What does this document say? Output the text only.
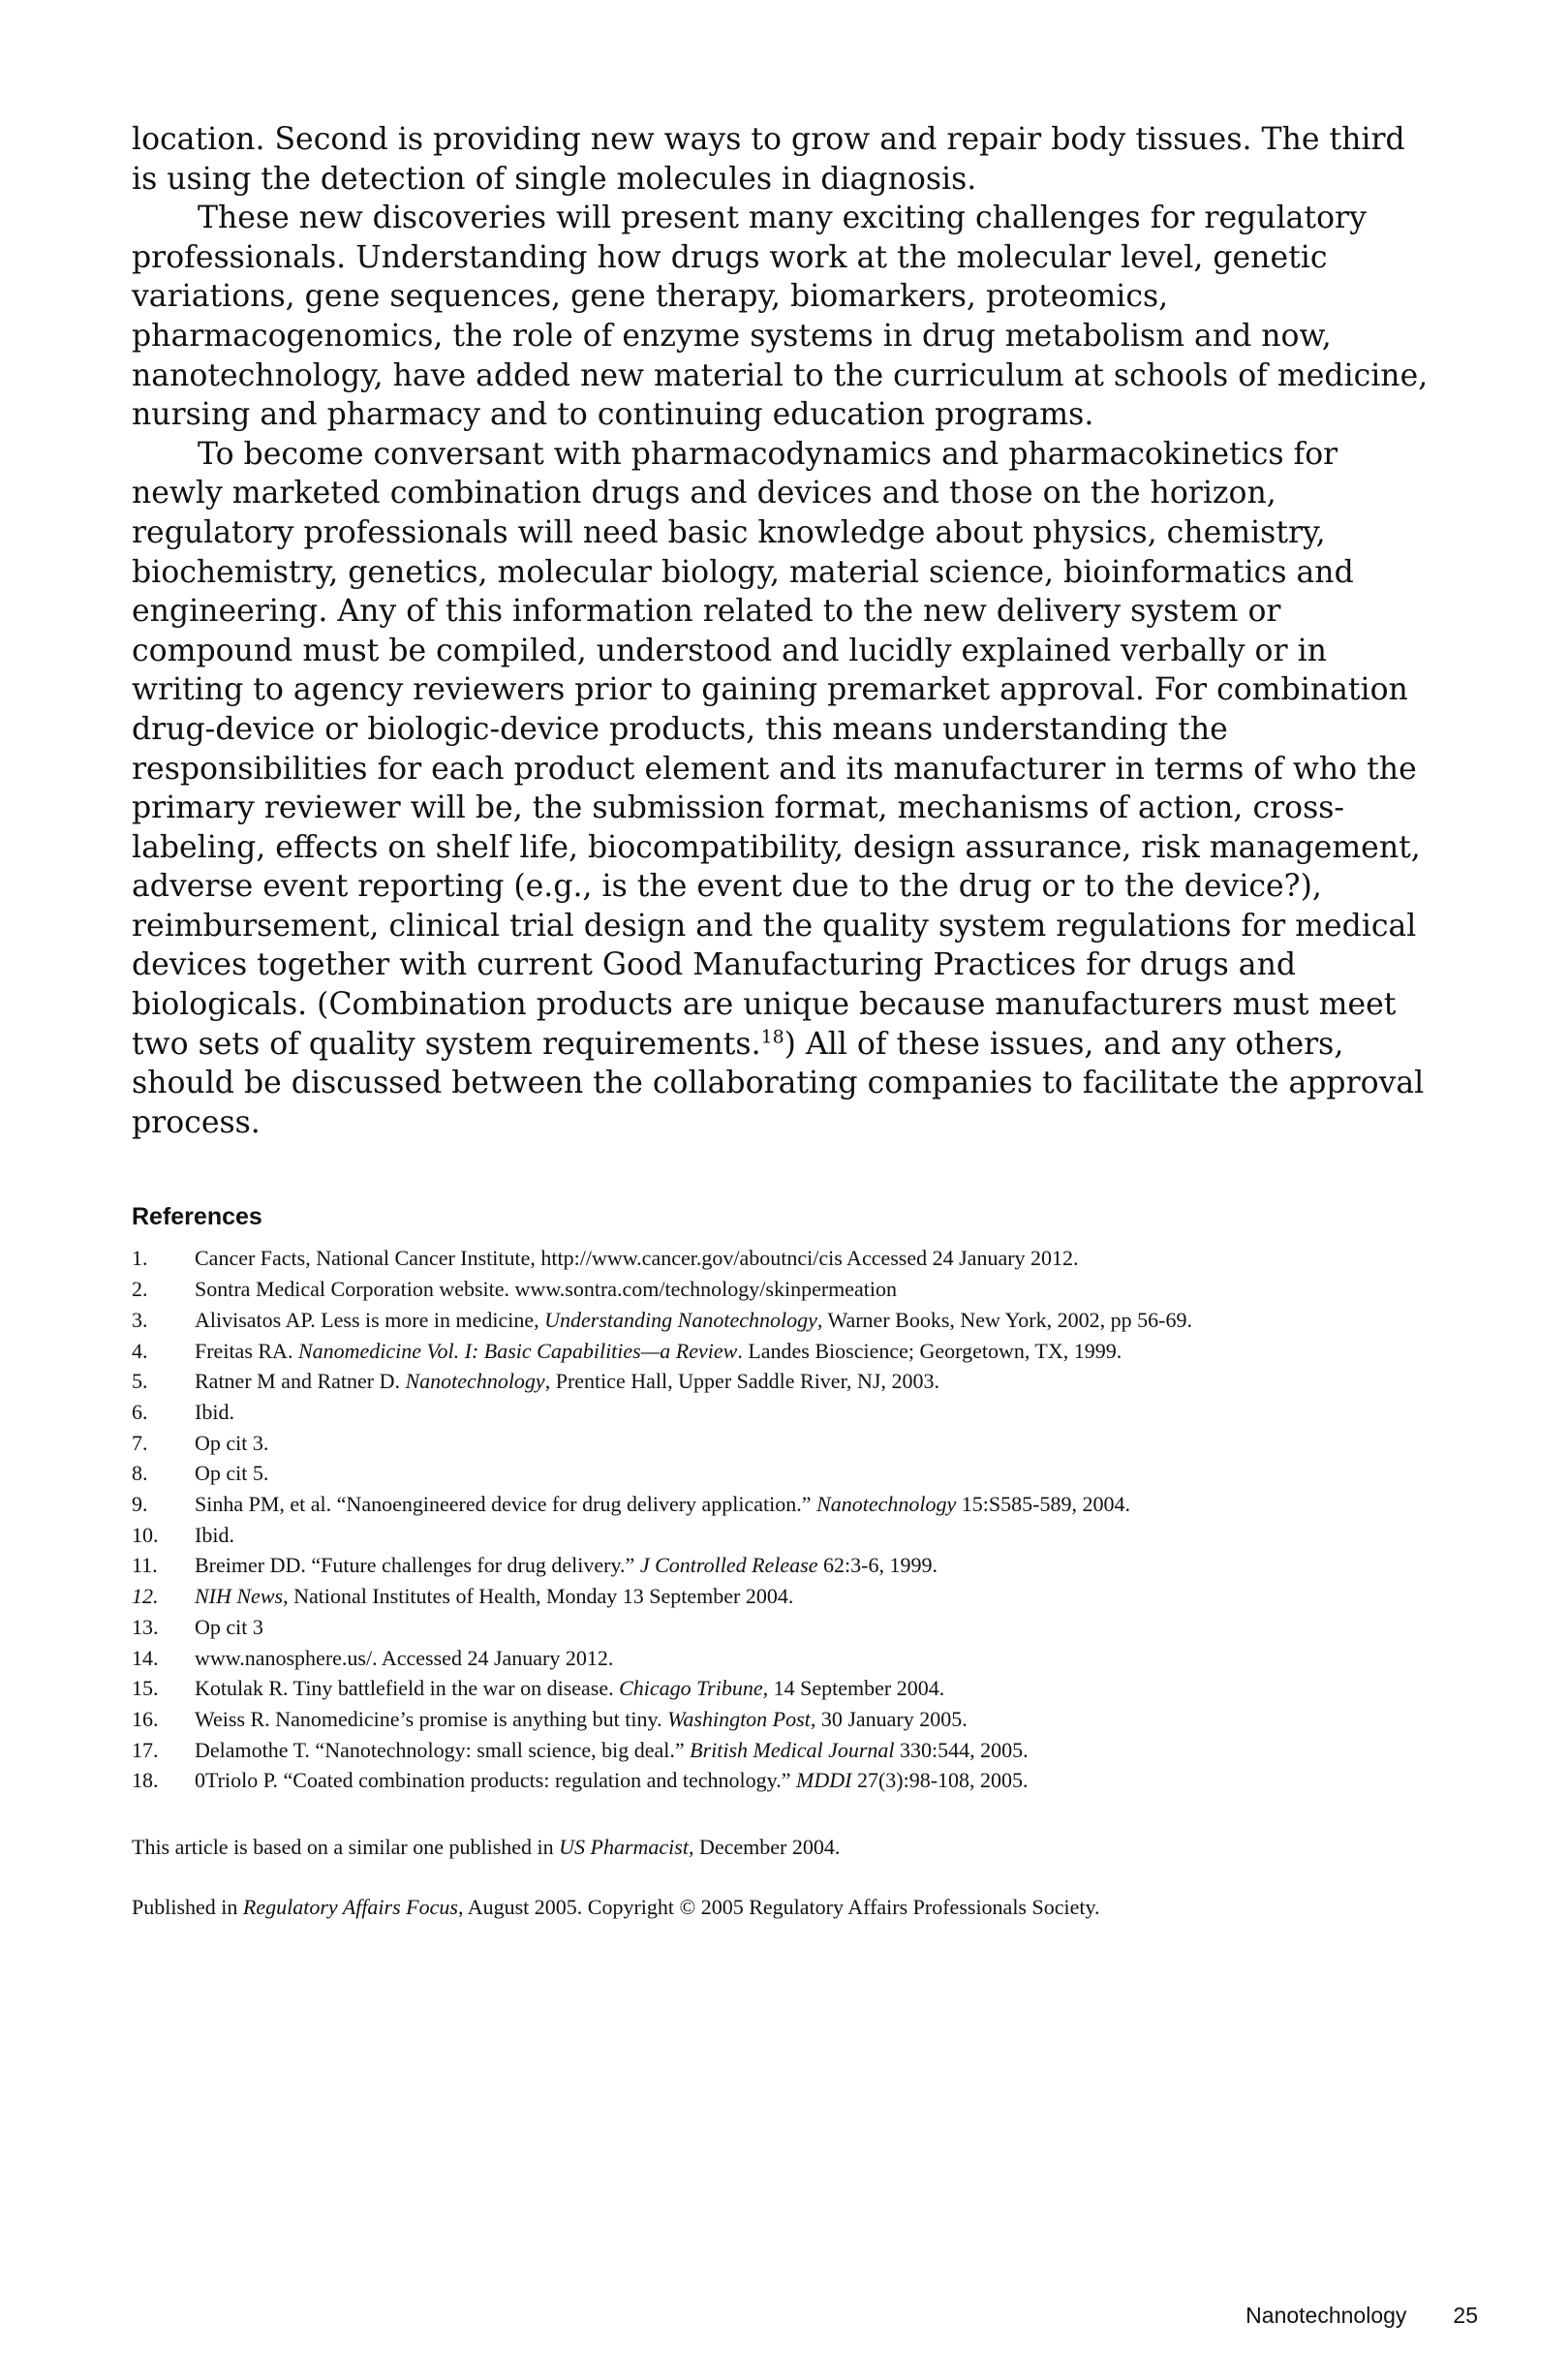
location. Second is providing new ways to grow and repair body tissues. The third is using the detection of single molecules in diagnosis.

These new discoveries will present many exciting challenges for regulatory professionals. Understanding how drugs work at the molecular level, genetic variations, gene sequences, gene therapy, biomarkers, proteomics, pharmacogenomics, the role of enzyme systems in drug metabolism and now, nanotechnology, have added new material to the curriculum at schools of medicine, nursing and pharmacy and to continuing education programs.

To become conversant with pharmacodynamics and pharmacokinetics for newly marketed combination drugs and devices and those on the horizon, regulatory professionals will need basic knowledge about physics, chemistry, biochemistry, genetics, molecular biology, material science, bioinformatics and engineering. Any of this information related to the new delivery system or compound must be compiled, understood and lucidly explained verbally or in writing to agency reviewers prior to gaining premarket approval. For combination drug-device or biologic-device products, this means understanding the responsibilities for each product element and its manufacturer in terms of who the primary reviewer will be, the submission format, mechanisms of action, cross-labeling, effects on shelf life, biocompatibility, design assurance, risk management, adverse event reporting (e.g., is the event due to the drug or to the device?), reimbursement, clinical trial design and the quality system regulations for medical devices together with current Good Manufacturing Practices for drugs and biologicals. (Combination products are unique because manufacturers must meet two sets of quality system requirements.$^{18}$) All of these issues, and any others, should be discussed between the collaborating companies to facilitate the approval process.

References
1.	Cancer Facts, National Cancer Institute, http://www.cancer.gov/aboutnci/cis Accessed 24 January 2012.
2.	Sontra Medical Corporation website. www.sontra.com/technology/skinpermeation
3.	Alivisatos AP. Less is more in medicine, Understanding Nanotechnology, Warner Books, New York, 2002, pp 56-69.
4.	Freitas RA. Nanomedicine Vol. I: Basic Capabilities—a Review. Landes Bioscience; Georgetown, TX, 1999.
5.	Ratner M and Ratner D. Nanotechnology, Prentice Hall, Upper Saddle River, NJ, 2003.
6.	Ibid.
7.	Op cit 3.
8.	Op cit 5.
9.	Sinha PM, et al. “Nanoengineered device for drug delivery application.” Nanotechnology 15:S585-589, 2004.
10.	Ibid.
11.	Breimer DD. “Future challenges for drug delivery.” J Controlled Release 62:3-6, 1999.
12.	NIH News, National Institutes of Health, Monday 13 September 2004.
13.	Op cit 3
14.	www.nanosphere.us/. Accessed 24 January 2012.
15.	Kotulak R. Tiny battlefield in the war on disease. Chicago Tribune, 14 September 2004.
16.	Weiss R. Nanomedicine’s promise is anything but tiny. Washington Post, 30 January 2005.
17.	Delamothe T. “Nanotechnology: small science, big deal.” British Medical Journal 330:544, 2005.
18.	0Triolo P. “Coated combination products: regulation and technology.” MDDI 27(3):98-108, 2005.
This article is based on a similar one published in US Pharmacist, December 2004.
Published in Regulatory Affairs Focus, August 2005. Copyright © 2005 Regulatory Affairs Professionals Society.
Nanotechnology 25
